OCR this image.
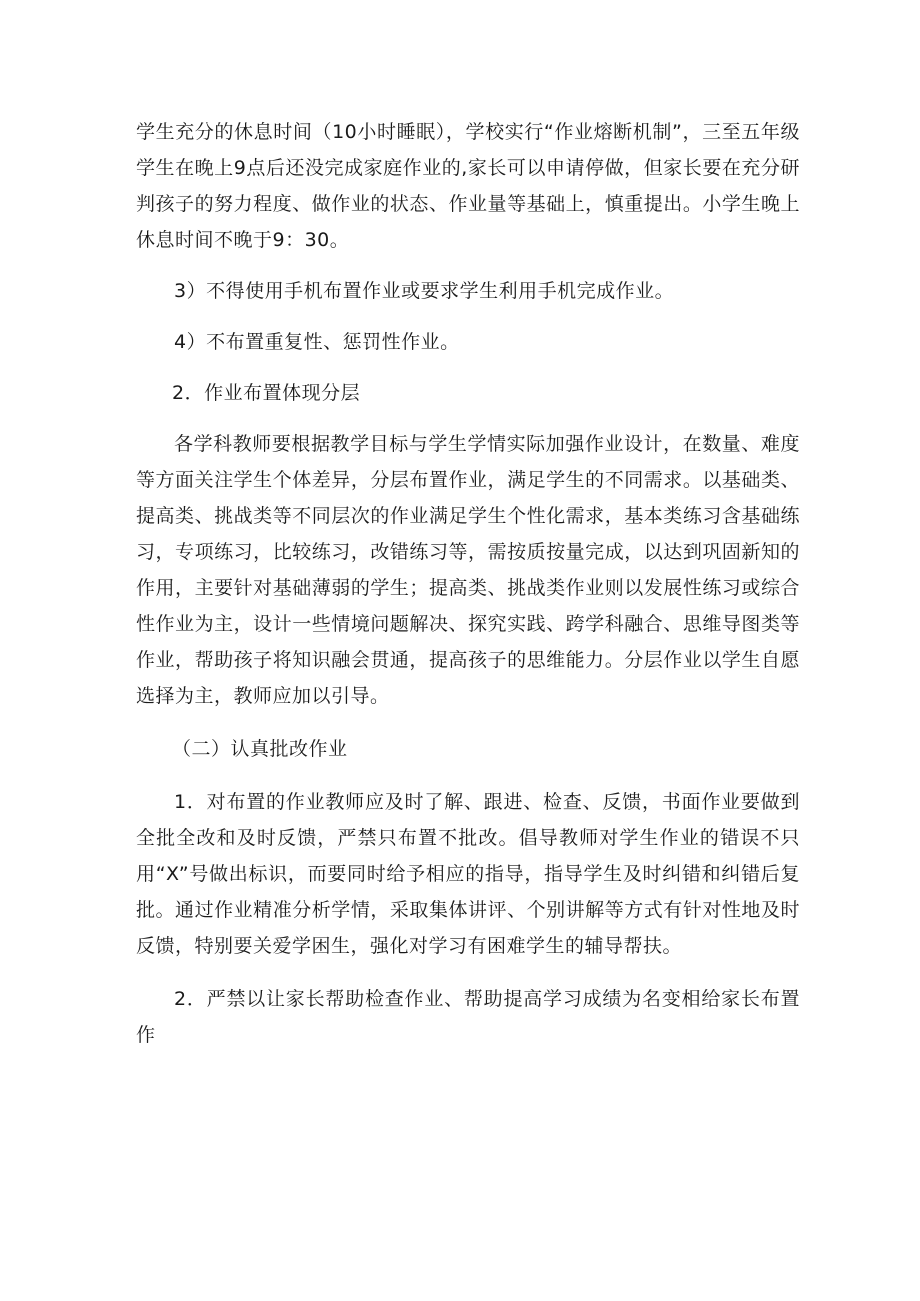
学生充分的休息时间（10小时睡眠），学校实行“作业熔断机制”，三至五年级学生在晚上9点后还没完成家庭作业的,家长可以申请停做，但家长要在充分研判孩子的努力程度、做作业的状态、作业量等基础上，慎重提出。小学生晚上休息时间不晚于9：30。

3）不得使用手机布置作业或要求学生利用手机完成作业。

4）不布置重复性、惩罚性作业。

2．作业布置体现分层

各学科教师要根据教学目标与学生学情实际加强作业设计，在数量、难度等方面关注学生个体差异，分层布置作业，满足学生的不同需求。以基础类、提高类、挑战类等不同层次的作业满足学生个性化需求，基本类练习含基础练习，专项练习，比较练习，改错练习等，需按质按量完成，以达到巩固新知的作用，主要针对基础薄弱的学生；提高类、挑战类作业则以发展性练习或综合性作业为主，设计一些情境问题解决、探究实践、跨学科融合、思维导图类等作业，帮助孩子将知识融会贯通，提高孩子的思维能力。分层作业以学生自愿选择为主，教师应加以引导。

（二）认真批改作业

1．对布置的作业教师应及时了解、跟进、检查、反馈，书面作业要做到全批全改和及时反馈，严禁只布置不批改。倡导教师对学生作业的错误不只用“X”号做出标识，而要同时给予相应的指导，指导学生及时纠错和纠错后复批。通过作业精准分析学情，采取集体讲评、个别讲解等方式有针对性地及时反馈，特别要关爱学困生，强化对学习有困难学生的辅导帮扶。

2．严禁以让家长帮助检查作业、帮助提高学习成绩为名变相给家长布置作
